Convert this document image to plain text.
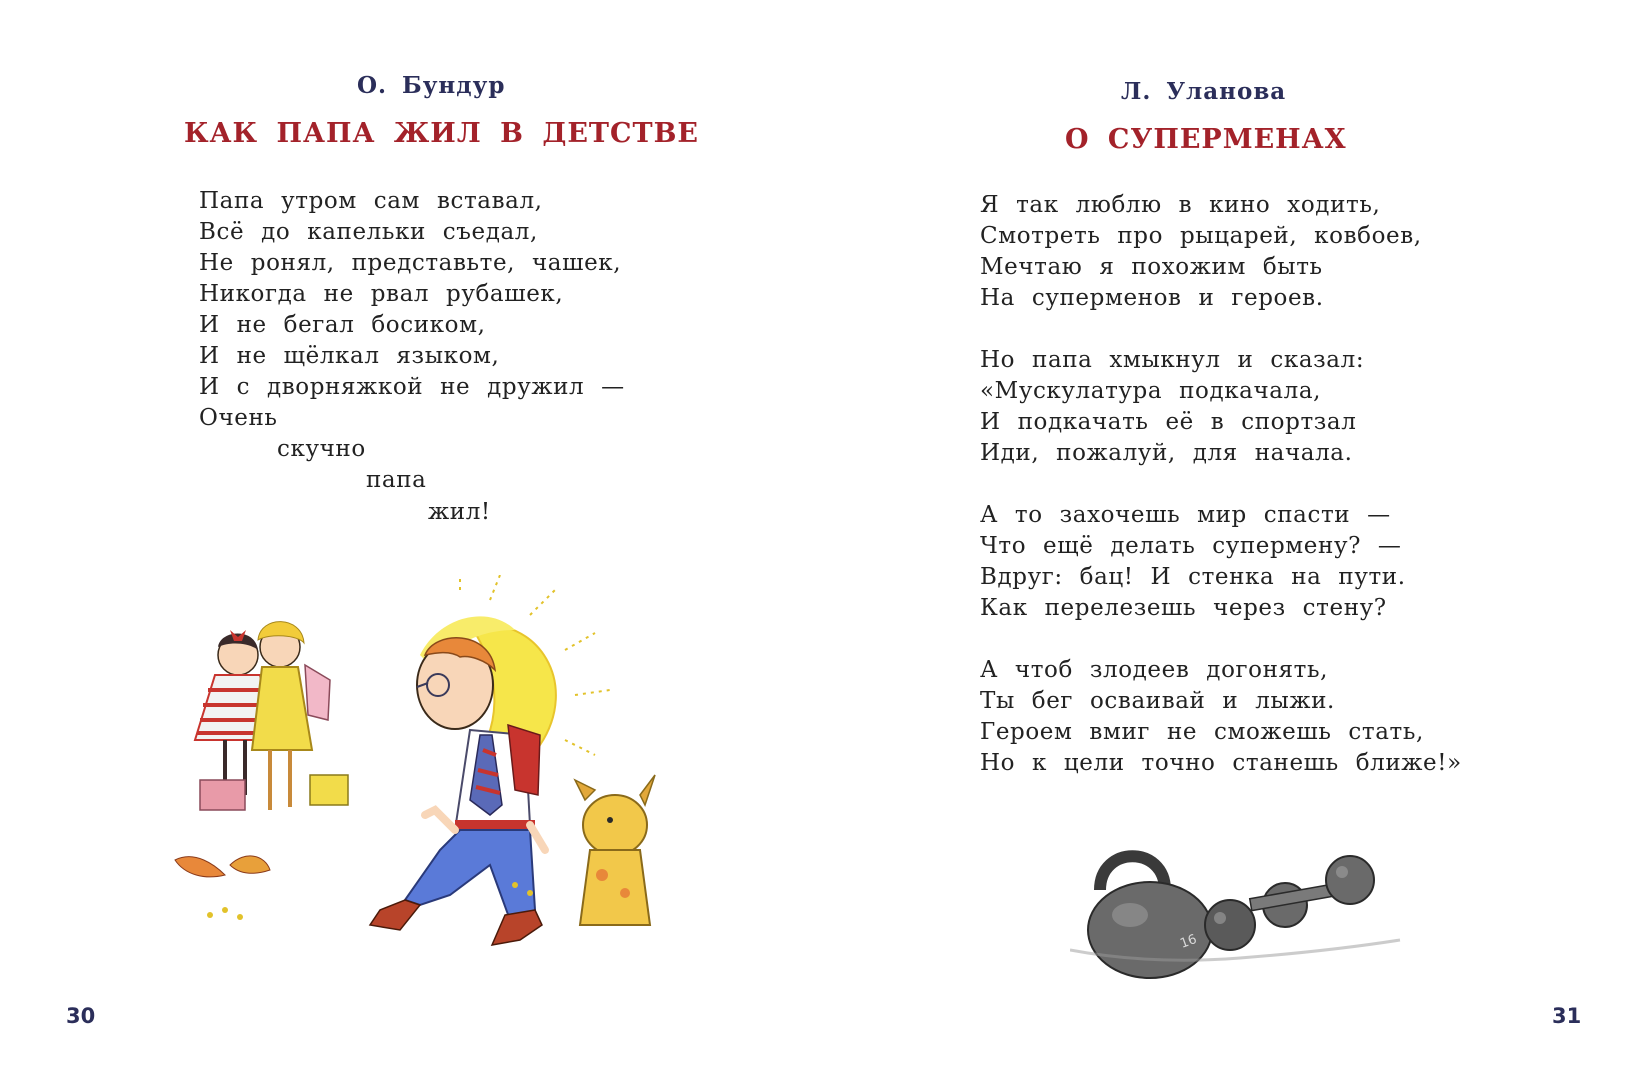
О. Бундур
КАК ПАПА ЖИЛ В ДЕТСТВЕ
Папа утром сам вставал,
Всё до капельки съедал,
Не ронял, представьте, чашек,
Никогда не рвал рубашек,
И не бегал босиком,
И не щёлкал языком,
И с дворняжкой не дружил —
Очень
скучно
папа
жил!
30
Л. Уланова
О СУПЕРМЕНАХ
Я так люблю в кино ходить,
Смотреть про рыцарей, ковбоев,
Мечтаю я похожим быть
На суперменов и героев.
Но папа хмыкнул и сказал:
«Мускулатура подкачала,
И подкачать её в спортзал
Иди, пожалуй, для начала.
А то захочешь мир спасти —
Что ещё делать супермену? —
Вдруг: бац! И стенка на пути.
Как перелезешь через стену?
А чтоб злодеев догонять,
Ты бег осваивай и лыжи.
Героем вмиг не сможешь стать,
Но к цели точно станешь ближе!»
16
31
